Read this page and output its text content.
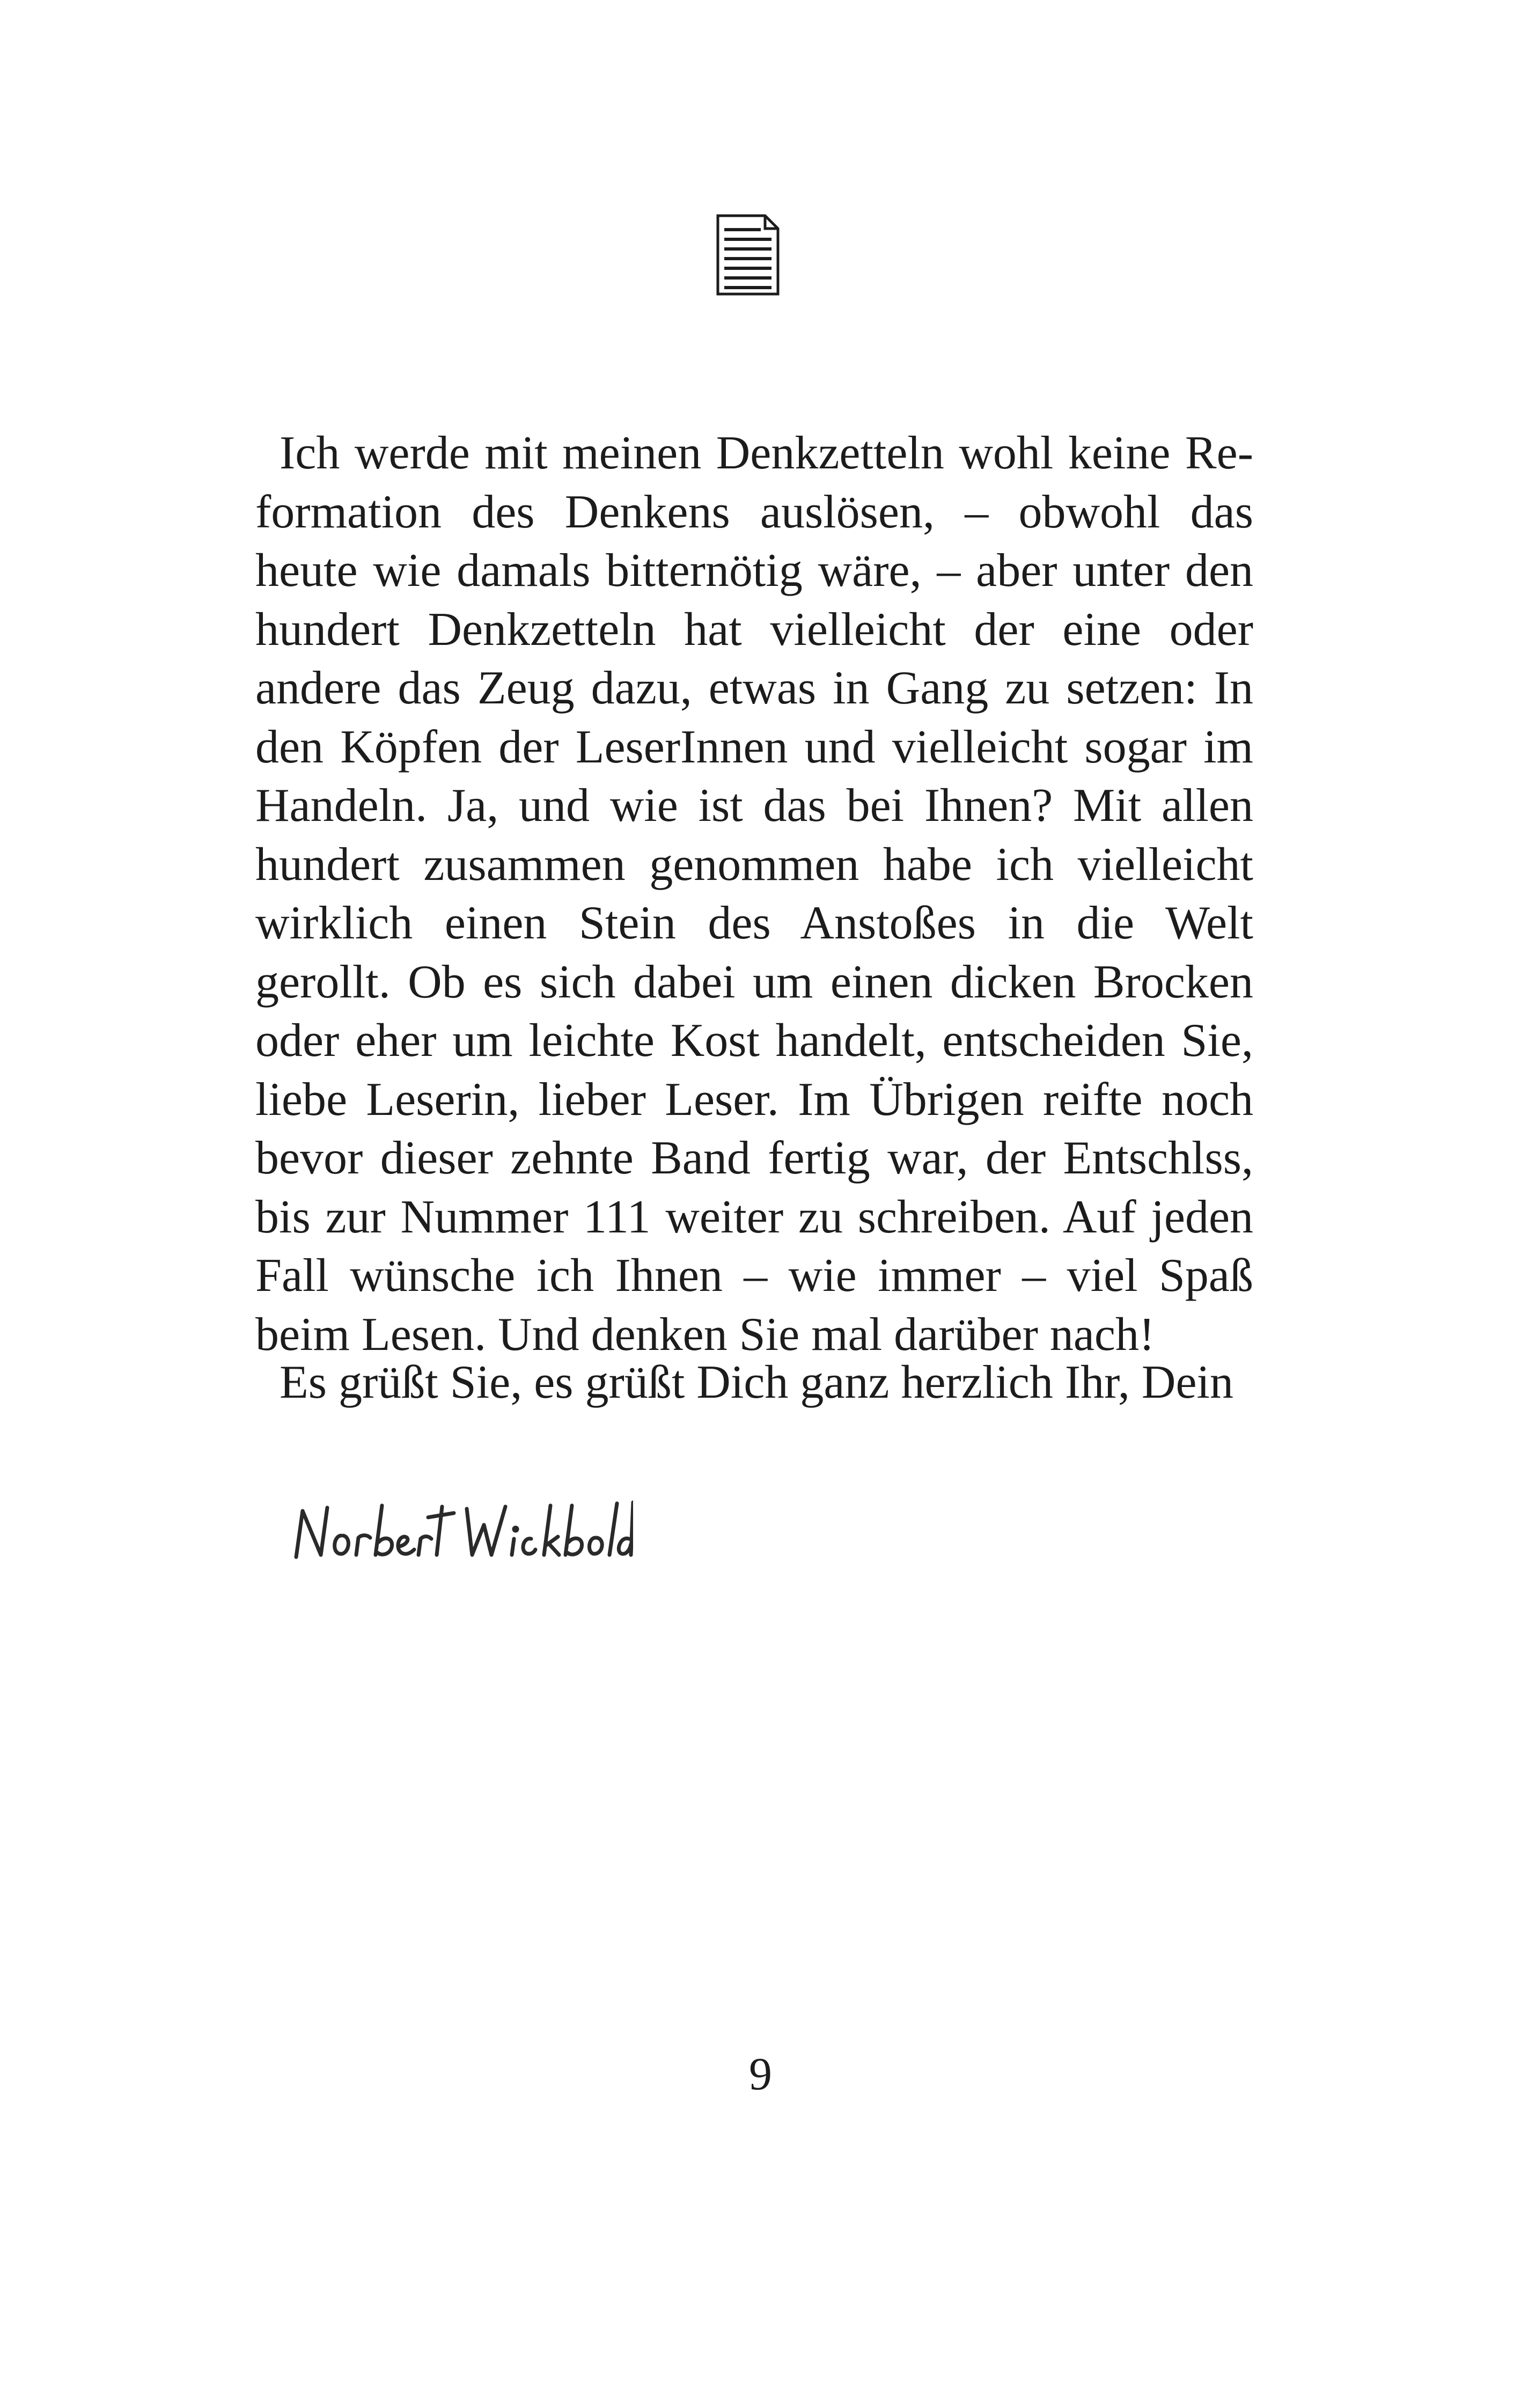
Ich werde mit meinen Denkzetteln wohl keine Reformation des Denkens auslösen, – obwohl das heute wie damals bitternötig wäre, – aber unter den hundert Denkzetteln hat vielleicht der eine oder andere das Zeug dazu, etwas in Gang zu setzen: In den Köpfen der LeserInnen und vielleicht sogar im Handeln. Ja, und wie ist das bei Ihnen? Mit allen hundert zusammen genommen habe ich vielleicht wirklich einen Stein des Anstoßes in die Welt gerollt. Ob es sich dabei um einen dicken Brocken oder eher um leichte Kost handelt, entscheiden Sie, liebe Leserin, lieber Leser. Im Übrigen reifte noch bevor dieser zehnte Band fertig war, der Entschlss, bis zur Nummer 111 weiter zu schreiben. Auf jeden Fall wünsche ich Ihnen – wie immer – viel Spaß beim Lesen. Und denken Sie mal darüber nach!

Es grüßt Sie, es grüßt Dich ganz herzlich Ihr, Dein
9
